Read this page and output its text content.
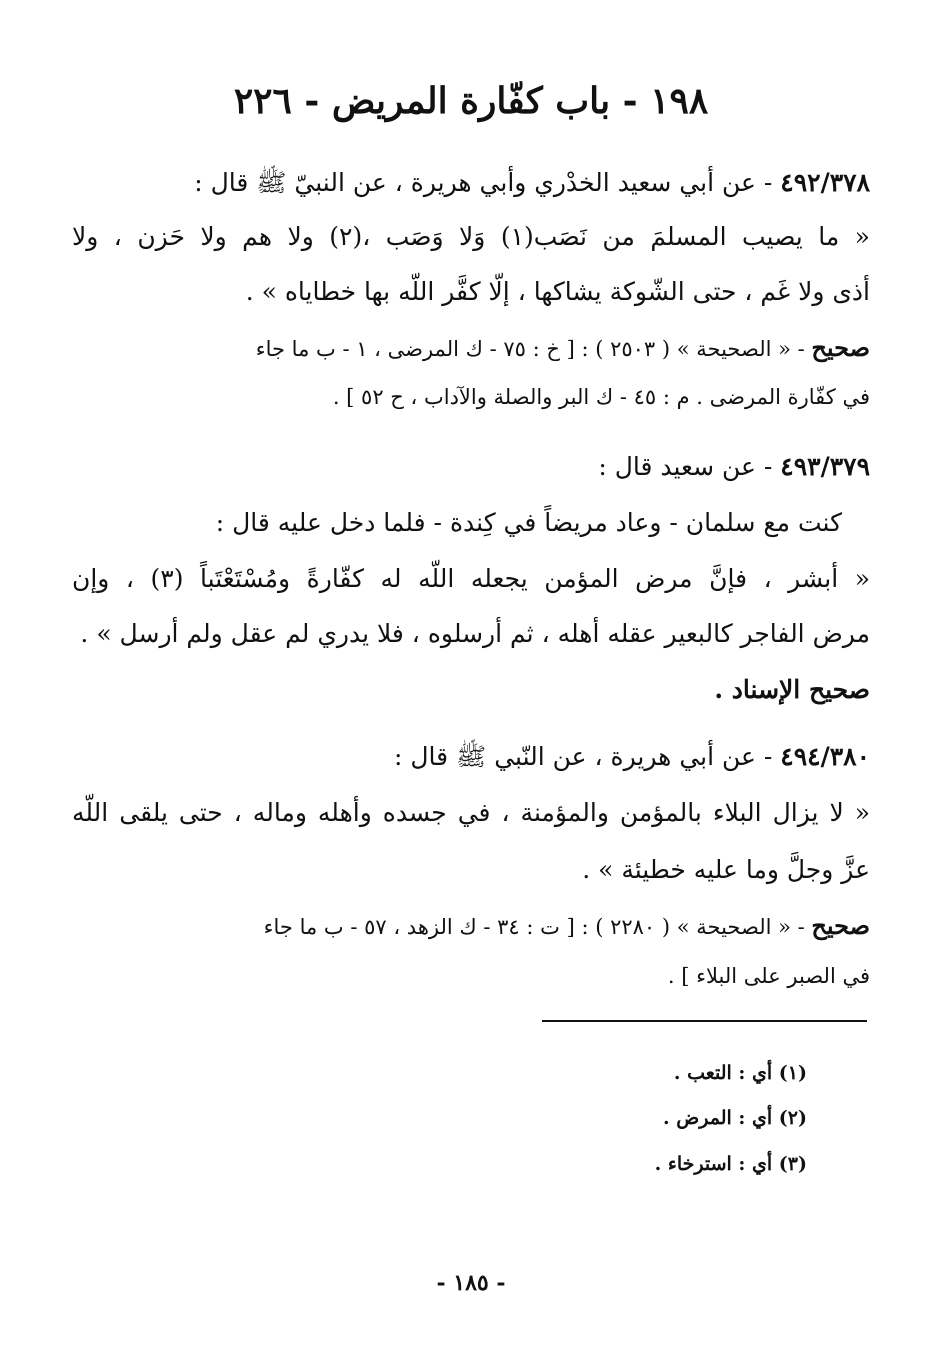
١٩٨ - باب كفّارة المريض - ٢٢٦
٤٩٢/٣٧٨ - عن أبي سعيد الخدْري وأبي هريرة ، عن النبيّ ﷺ قال :
« ما يصيب المسلمَ من نَصَب(١) وَلا وَصَب ،(٢) ولا هم ولا حَزن ، ولا
أذى ولا غَم ، حتى الشّوكة يشاكها ، إلّا كفَّر اللّه بها خطاياه » .
صحيح - « الصحيحة » ( ٢٥٠٣ ) : [ خ : ٧٥ - ك المرضى ، ١ - ب ما جاء
في كفّارة المرضى . م : ٤٥ - ك البر والصلة والآداب ، ح ٥٢ ] .
٤٩٣/٣٧٩ - عن سعيد قال :
كنت مع سلمان - وعاد مريضاً في كِندة - فلما دخل عليه قال :
« أبشر ، فإنَّ مرض المؤمن يجعله اللّه له كفّارةً ومُسْتَعْتَباً (٣) ، وإن
مرض الفاجر كالبعير عقله أهله ، ثم أرسلوه ، فلا يدري لم عقل ولم أرسل » .
صحيح الإسناد .
٤٩٤/٣٨٠ - عن أبي هريرة ، عن النّبي ﷺ قال :
« لا يزال البلاء بالمؤمن والمؤمنة ، في جسده وأهله وماله ، حتى يلقى اللّه
عزَّ وجلَّ وما عليه خطيئة » .
صحيح - « الصحيحة » ( ٢٢٨٠ ) : [ ت : ٣٤ - ك الزهد ، ٥٧ - ب ما جاء
في الصبر على البلاء ] .
(١) أي : التعب .
(٢) أي : المرض .
(٣) أي : استرخاء .
- ١٨٥ -
